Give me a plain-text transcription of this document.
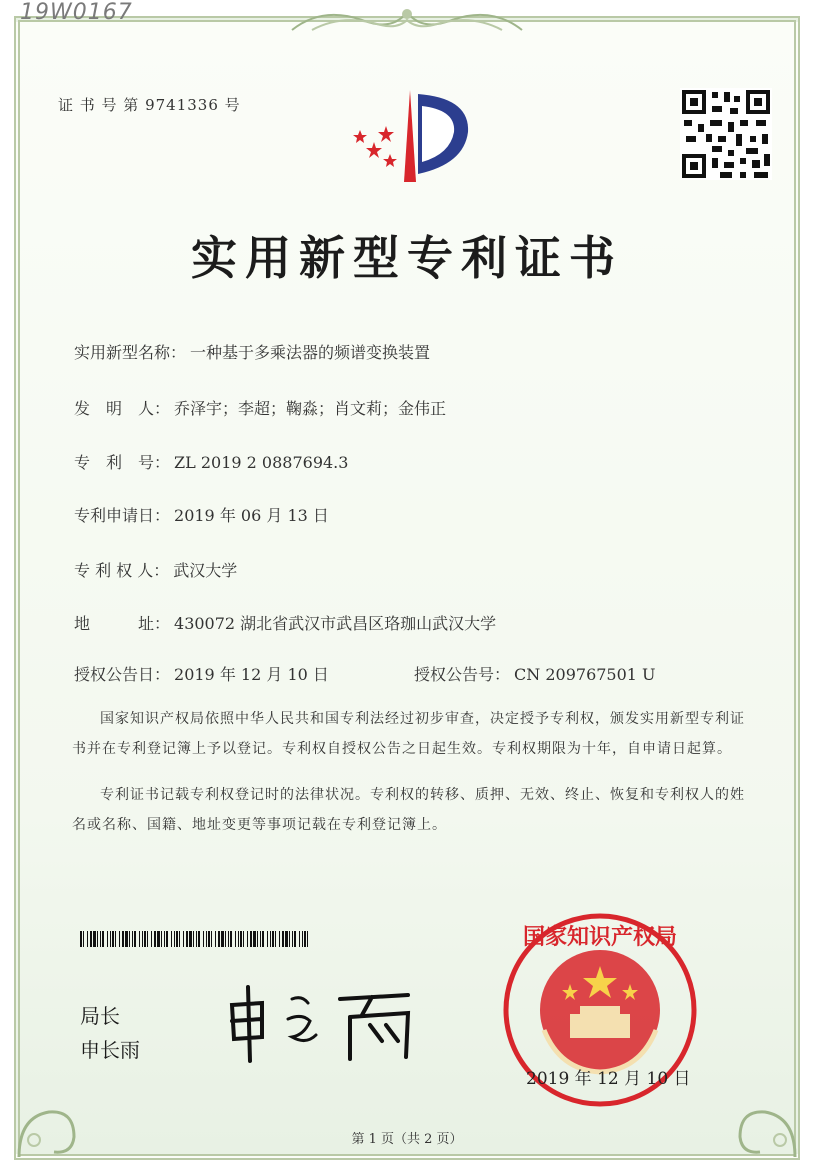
19W0167
证 书 号 第 9741336 号
实用新型专利证书
实用新型名称： 一种基于多乘法器的频谱变换装置
发　明　人： 乔泽宇；李超；鞠淼；肖文莉；金伟正
专　利　号： ZL 2019 2 0887694.3
专利申请日： 2019 年 06 月 13 日
专 利 权 人： 武汉大学
地　　　址： 430072 湖北省武汉市武昌区珞珈山武汉大学
授权公告日： 2019 年 12 月 10 日	授权公告号： CN 209767501 U
国家知识产权局依照中华人民共和国专利法经过初步审查，决定授予专利权，颁发实用新型专利证书并在专利登记簿上予以登记。专利权自授权公告之日起生效。专利权期限为十年，自申请日起算。
专利证书记载专利权登记时的法律状况。专利权的转移、质押、无效、终止、恢复和专利权人的姓名或名称、国籍、地址变更等事项记载在专利登记簿上。
局长
申长雨
国家知识产权局
2019 年 12 月 10 日
第 1 页（共 2 页）
